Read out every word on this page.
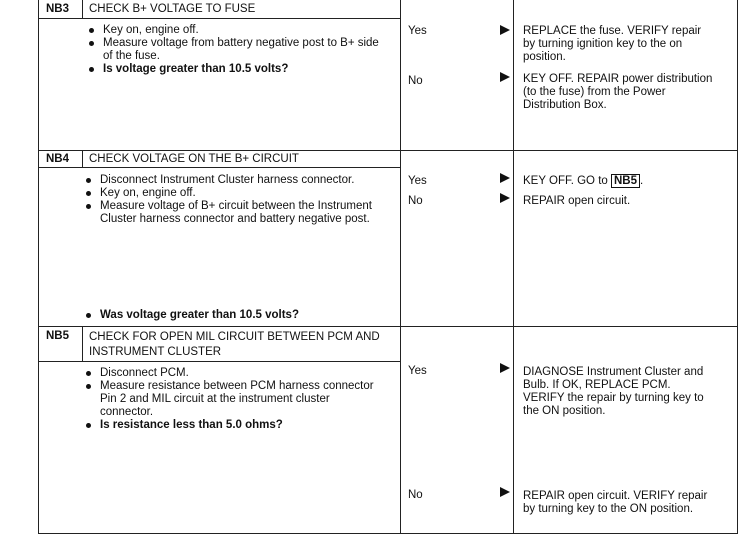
NB3 CHECK B+ VOLTAGE TO FUSE
Key on, engine off.
Measure voltage from battery negative post to B+ side of the fuse.
Is voltage greater than 10.5 volts?
Yes	REPLACE the fuse. VERIFY repair by turning ignition key to the on position.
No	KEY OFF. REPAIR power distribution (to the fuse) from the Power Distribution Box.
NB4 CHECK VOLTAGE ON THE B+ CIRCUIT
Disconnect Instrument Cluster harness connector.
Key on, engine off.
Measure voltage of B+ circuit between the Instrument Cluster harness connector and battery negative post.
Was voltage greater than 10.5 volts?
Yes	KEY OFF. GO to NB5 .
No	REPAIR open circuit.
NB5 CHECK FOR OPEN MIL CIRCUIT BETWEEN PCM AND INSTRUMENT CLUSTER
Disconnect PCM.
Measure resistance between PCM harness connector Pin 2 and MIL circuit at the instrument cluster connector.
Is resistance less than 5.0 ohms?
Yes	DIAGNOSE Instrument Cluster and Bulb. If OK, REPLACE PCM. VERIFY the repair by turning key to the ON position.
No	REPAIR open circuit. VERIFY repair by turning key to the ON position.
